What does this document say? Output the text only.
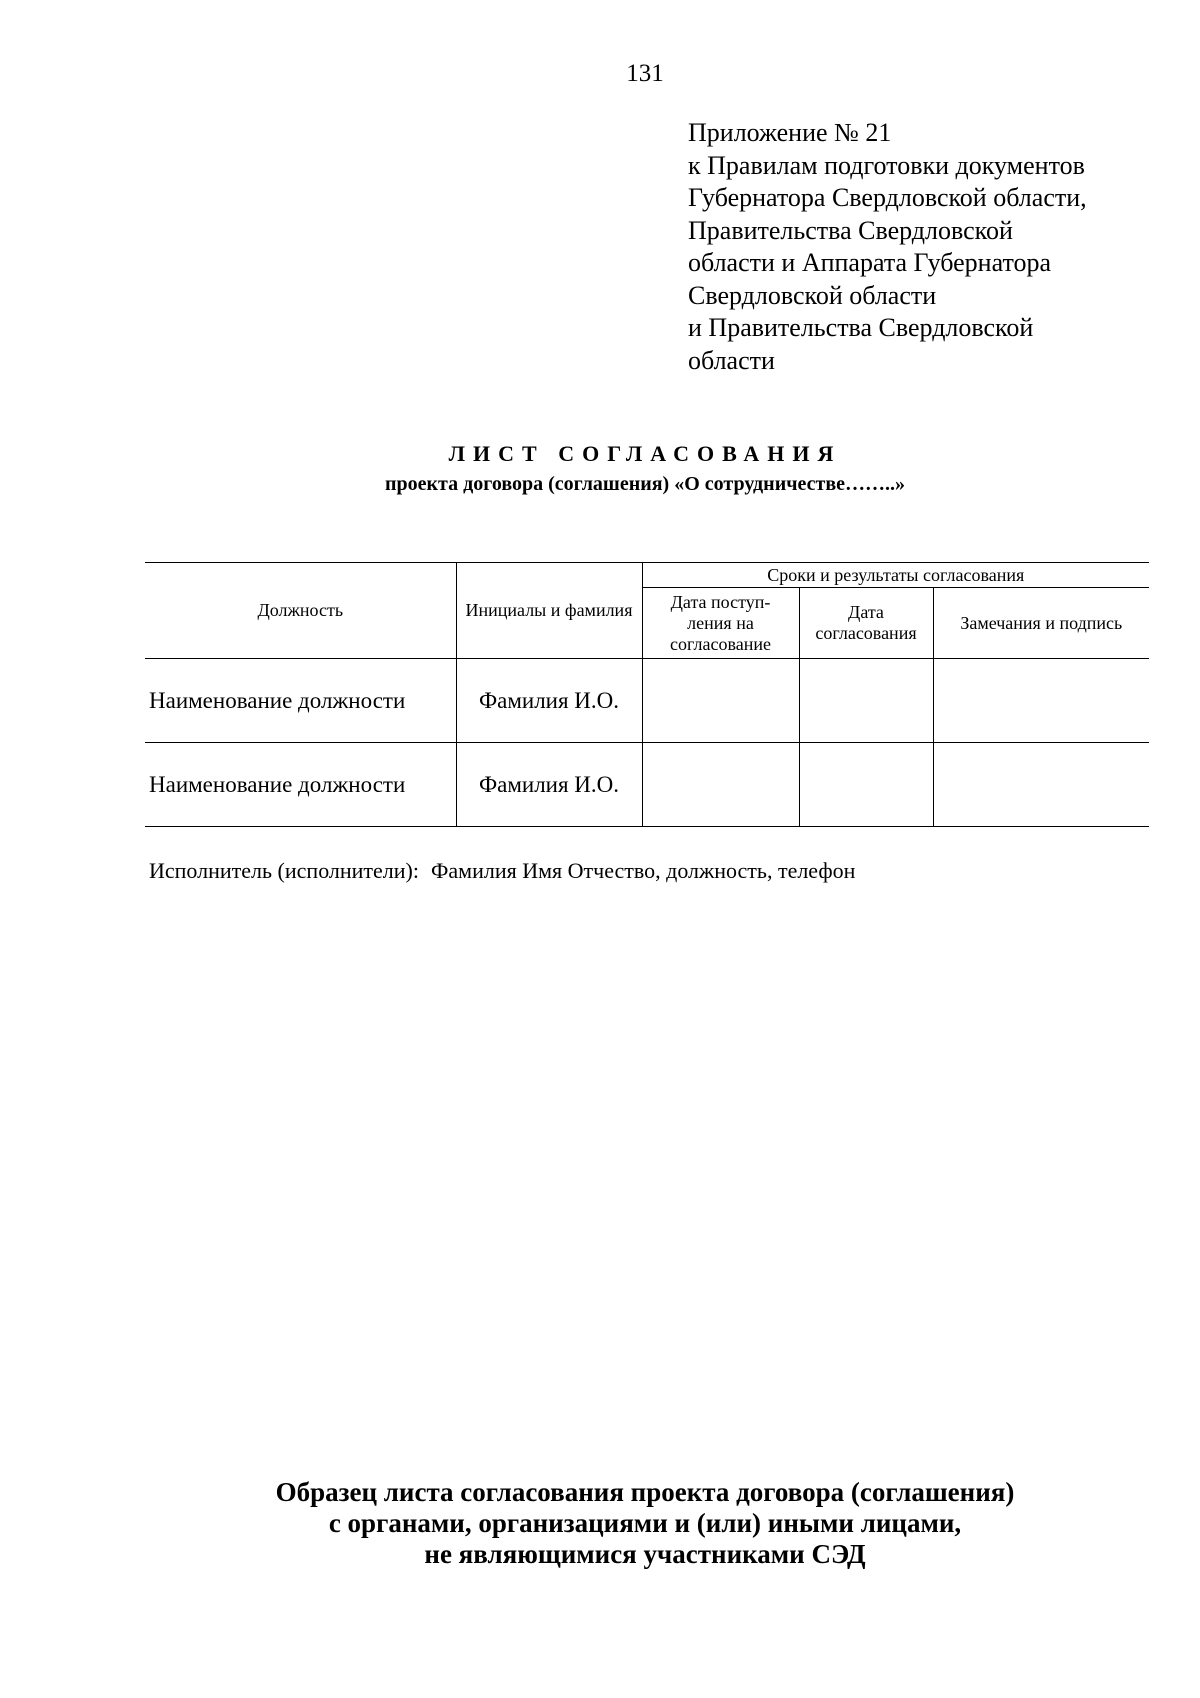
131
Приложение № 21
к Правилам подготовки документов
Губернатора Свердловской области,
Правительства Свердловской
области и Аппарата Губернатора
Свердловской области
и Правительства Свердловской
области
ЛИСТ СОГЛАСОВАНИЯ
проекта договора (соглашения) «О сотрудничестве……..»
Должность	Инициалы и фамилия	Сроки и результаты согласования		
		Дата поступ-ления на согласование	Дата согласования	Замечания и подпись
Наименование должности	Фамилия И.О.			
Наименование должности	Фамилия И.О.			
Исполнитель (исполнители): Фамилия Имя Отчество, должность, телефон
Образец листа согласования проекта договора (соглашения)
с органами, организациями и (или) иными лицами,
не являющимися участниками СЭД
